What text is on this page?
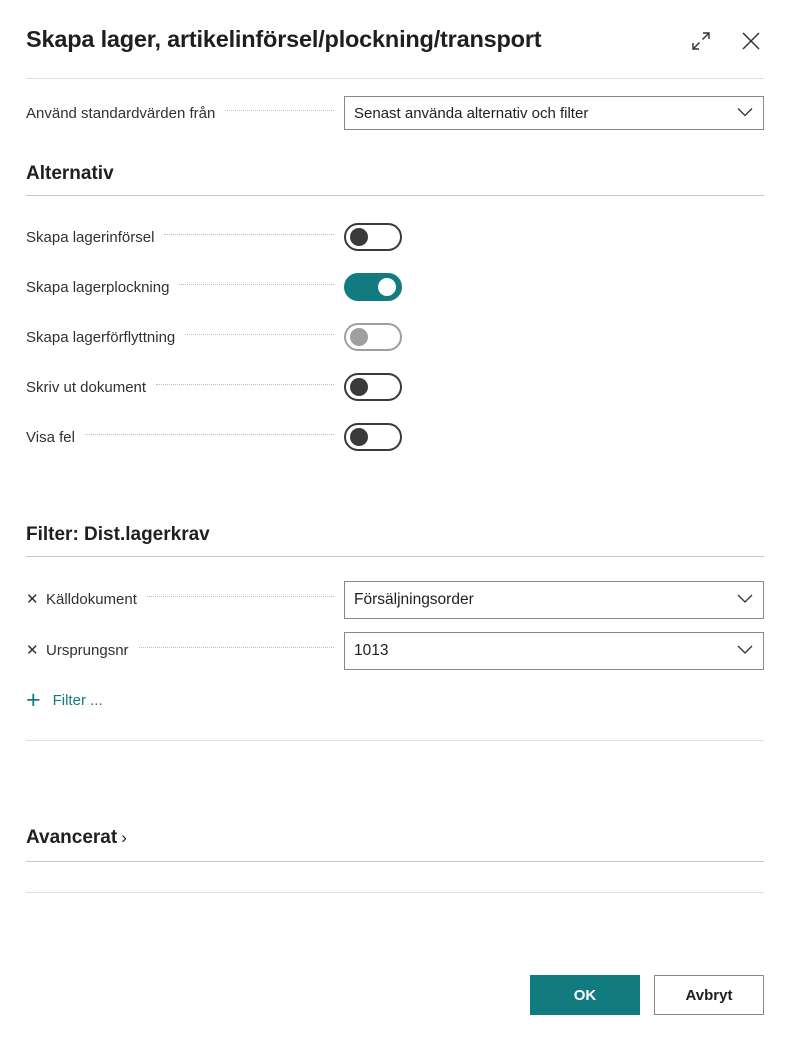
Skapa lager, artikelinförsel/plockning/transport
Använd standardvärden från	Senast använda alternativ och filter
Alternativ
Skapa lagerinförsel
Skapa lagerplockning
Skapa lagerförflyttning
Skriv ut dokument
Visa fel
Filter: Dist.lagerkrav
✕ Källdokument	Försäljningsorder
✕ Ursprungsnr	1013
+ Filter ...
Avancerat ›
OK	Avbryt
